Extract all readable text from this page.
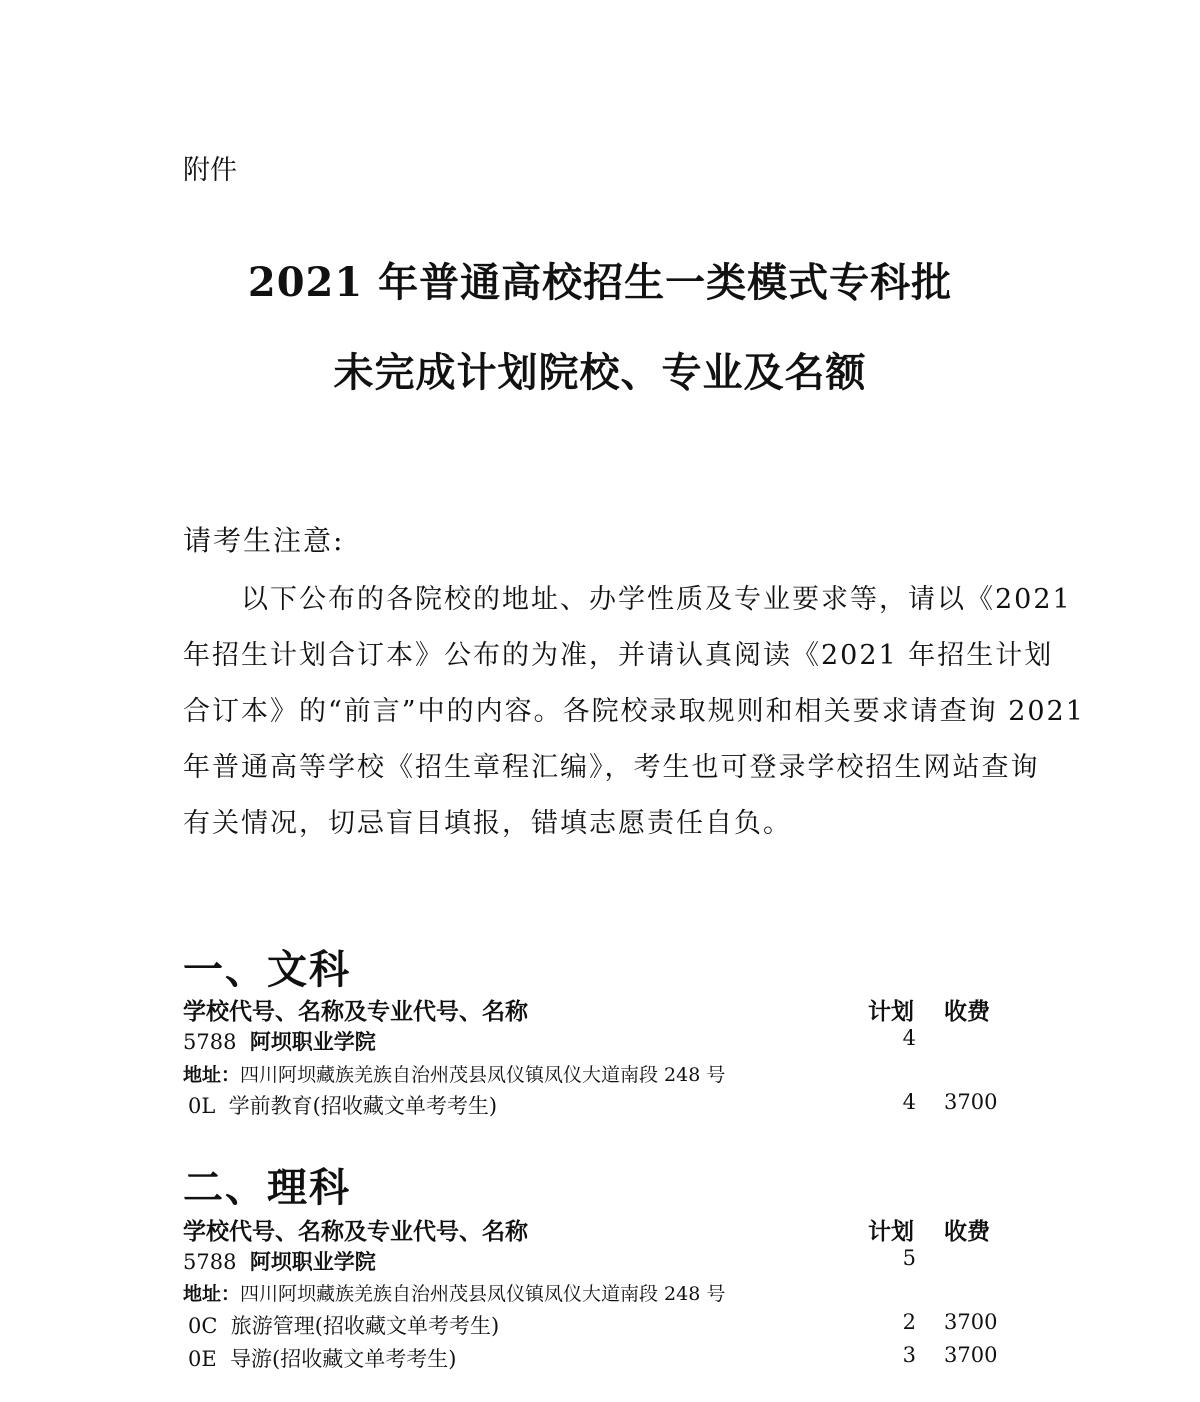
附件
2021 年普通高校招生一类模式专科批
未完成计划院校、专业及名额
请考生注意:
　　以下公布的各院校的地址、办学性质及专业要求等，请以《2021
年招生计划合订本》公布的为准，并请认真阅读《2021 年招生计划
合订本》的“前言”中的内容。各院校录取规则和相关要求请查询 2021
年普通高等学校《招生章程汇编》，考生也可登录学校招生网站查询
有关情况，切忌盲目填报，错填志愿责任自负。
一、文科
学校代号、名称及专业代号、名称	计划 收费
5788 阿坝职业学院	4
地址：四川阿坝藏族羌族自治州茂县凤仪镇凤仪大道南段 248 号
0L 学前教育(招收藏文单考考生)	4 3700
二、理科
学校代号、名称及专业代号、名称	计划 收费
5788 阿坝职业学院	5
地址：四川阿坝藏族羌族自治州茂县凤仪镇凤仪大道南段 248 号
0C 旅游管理(招收藏文单考考生)	2 3700
0E 导游(招收藏文单考考生)	3 3700
